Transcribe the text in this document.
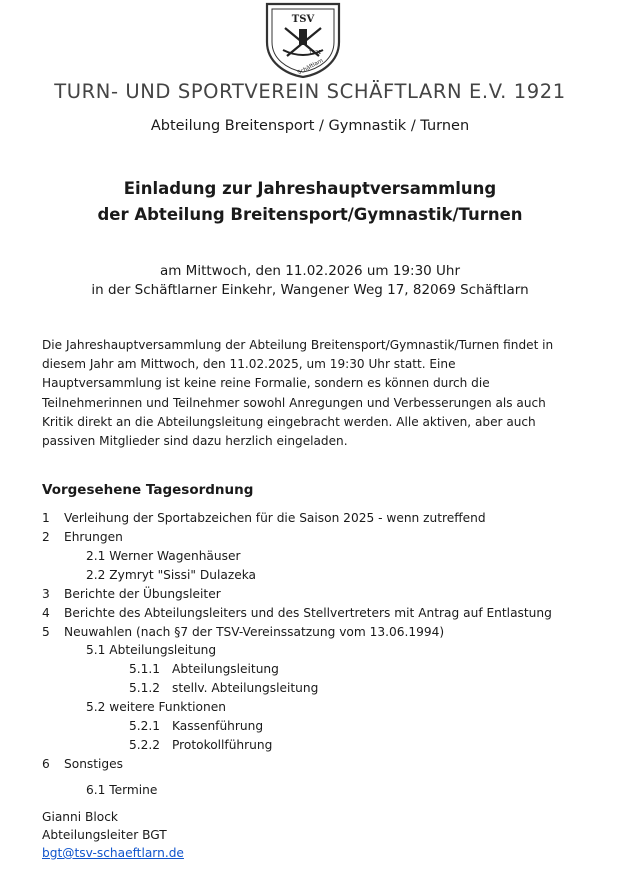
TSV
1921
Schäftlarn
TURN- UND SPORTVEREIN SCHÄFTLARN E.V. 1921
Abteilung Breitensport / Gymnastik / Turnen
Einladung zur Jahreshauptversammlung
der Abteilung Breitensport/Gymnastik/Turnen
am Mittwoch, den 11.02.2026 um 19:30 Uhr
in der Schäftlarner Einkehr, Wangener Weg 17, 82069 Schäftlarn

Die Jahreshauptversammlung der Abteilung Breitensport/Gymnastik/Turnen findet in

diesem Jahr am Mittwoch, den 11.02.2025, um 19:30 Uhr statt. Eine

Hauptversammlung ist keine reine Formalie, sondern es können durch die

Teilnehmerinnen und Teilnehmer sowohl Anregungen und Verbesserungen als auch

Kritik direkt an die Abteilungsleitung eingebracht werden. Alle aktiven, aber auch

passiven Mitglieder sind dazu herzlich eingeladen.

Vorgesehene Tagesordnung
1 Verleihung der Sportabzeichen für die Saison 2025 - wenn zutreffend
2 Ehrungen
2.1 Werner Wagenhäuser
2.2 Zymryt "Sissi" Dulazeka
3 Berichte der Übungsleiter
4 Berichte des Abteilungsleiters und des Stellvertreters mit Antrag auf Entlastung
5 Neuwahlen (nach §7 der TSV-Vereinssatzung vom 13.06.1994)
5.1 Abteilungsleitung
5.1.1 Abteilungsleitung
5.1.2 stellv. Abteilungsleitung
5.2 weitere Funktionen
5.2.1 Kassenführung
5.2.2 Protokollführung
6 Sonstiges
6.1 Termine
Gianni Block
Abteilungsleiter BGT
bgt@tsv-schaeftlarn.de
